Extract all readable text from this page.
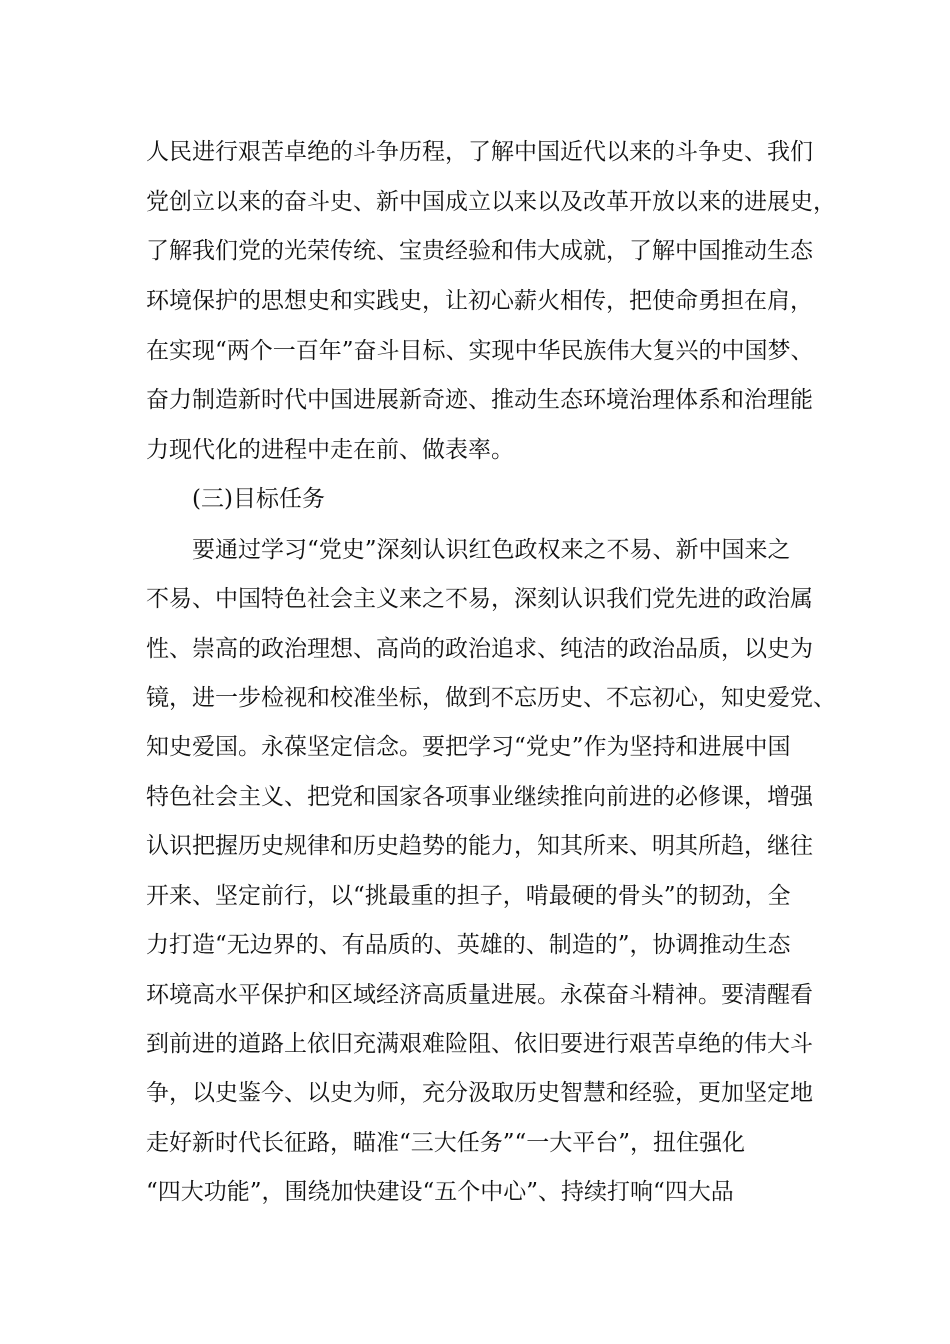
人民进行艰苦卓绝的斗争历程，了解中国近代以来的斗争史、我们
党创立以来的奋斗史、新中国成立以来以及改革开放以来的进展史，
了解我们党的光荣传统、宝贵经验和伟大成就，了解中国推动生态
环境保护的思想史和实践史，让初心薪火相传，把使命勇担在肩，
在实现“两个一百年”奋斗目标、实现中华民族伟大复兴的中国梦、
奋力制造新时代中国进展新奇迹、推动生态环境治理体系和治理能
力现代化的进程中走在前、做表率。
(三)目标任务
要通过学习“党史”深刻认识红色政权来之不易、新中国来之
不易、中国特色社会主义来之不易，深刻认识我们党先进的政治属
性、崇高的政治理想、高尚的政治追求、纯洁的政治品质，以史为
镜，进一步检视和校准坐标，做到不忘历史、不忘初心，知史爱党、
知史爱国。永葆坚定信念。要把学习“党史”作为坚持和进展中国
特色社会主义、把党和国家各项事业继续推向前进的必修课，增强
认识把握历史规律和历史趋势的能力，知其所来、明其所趋，继往
开来、坚定前行，以“挑最重的担子，啃最硬的骨头”的韧劲，全
力打造“无边界的、有品质的、英雄的、制造的”，协调推动生态
环境高水平保护和区域经济高质量进展。永葆奋斗精神。要清醒看
到前进的道路上依旧充满艰难险阻、依旧要进行艰苦卓绝的伟大斗
争，以史鉴今、以史为师，充分汲取历史智慧和经验，更加坚定地
走好新时代长征路，瞄准“三大任务”“一大平台”，扭住强化
“四大功能”，围绕加快建设“五个中心”、持续打响“四大品
